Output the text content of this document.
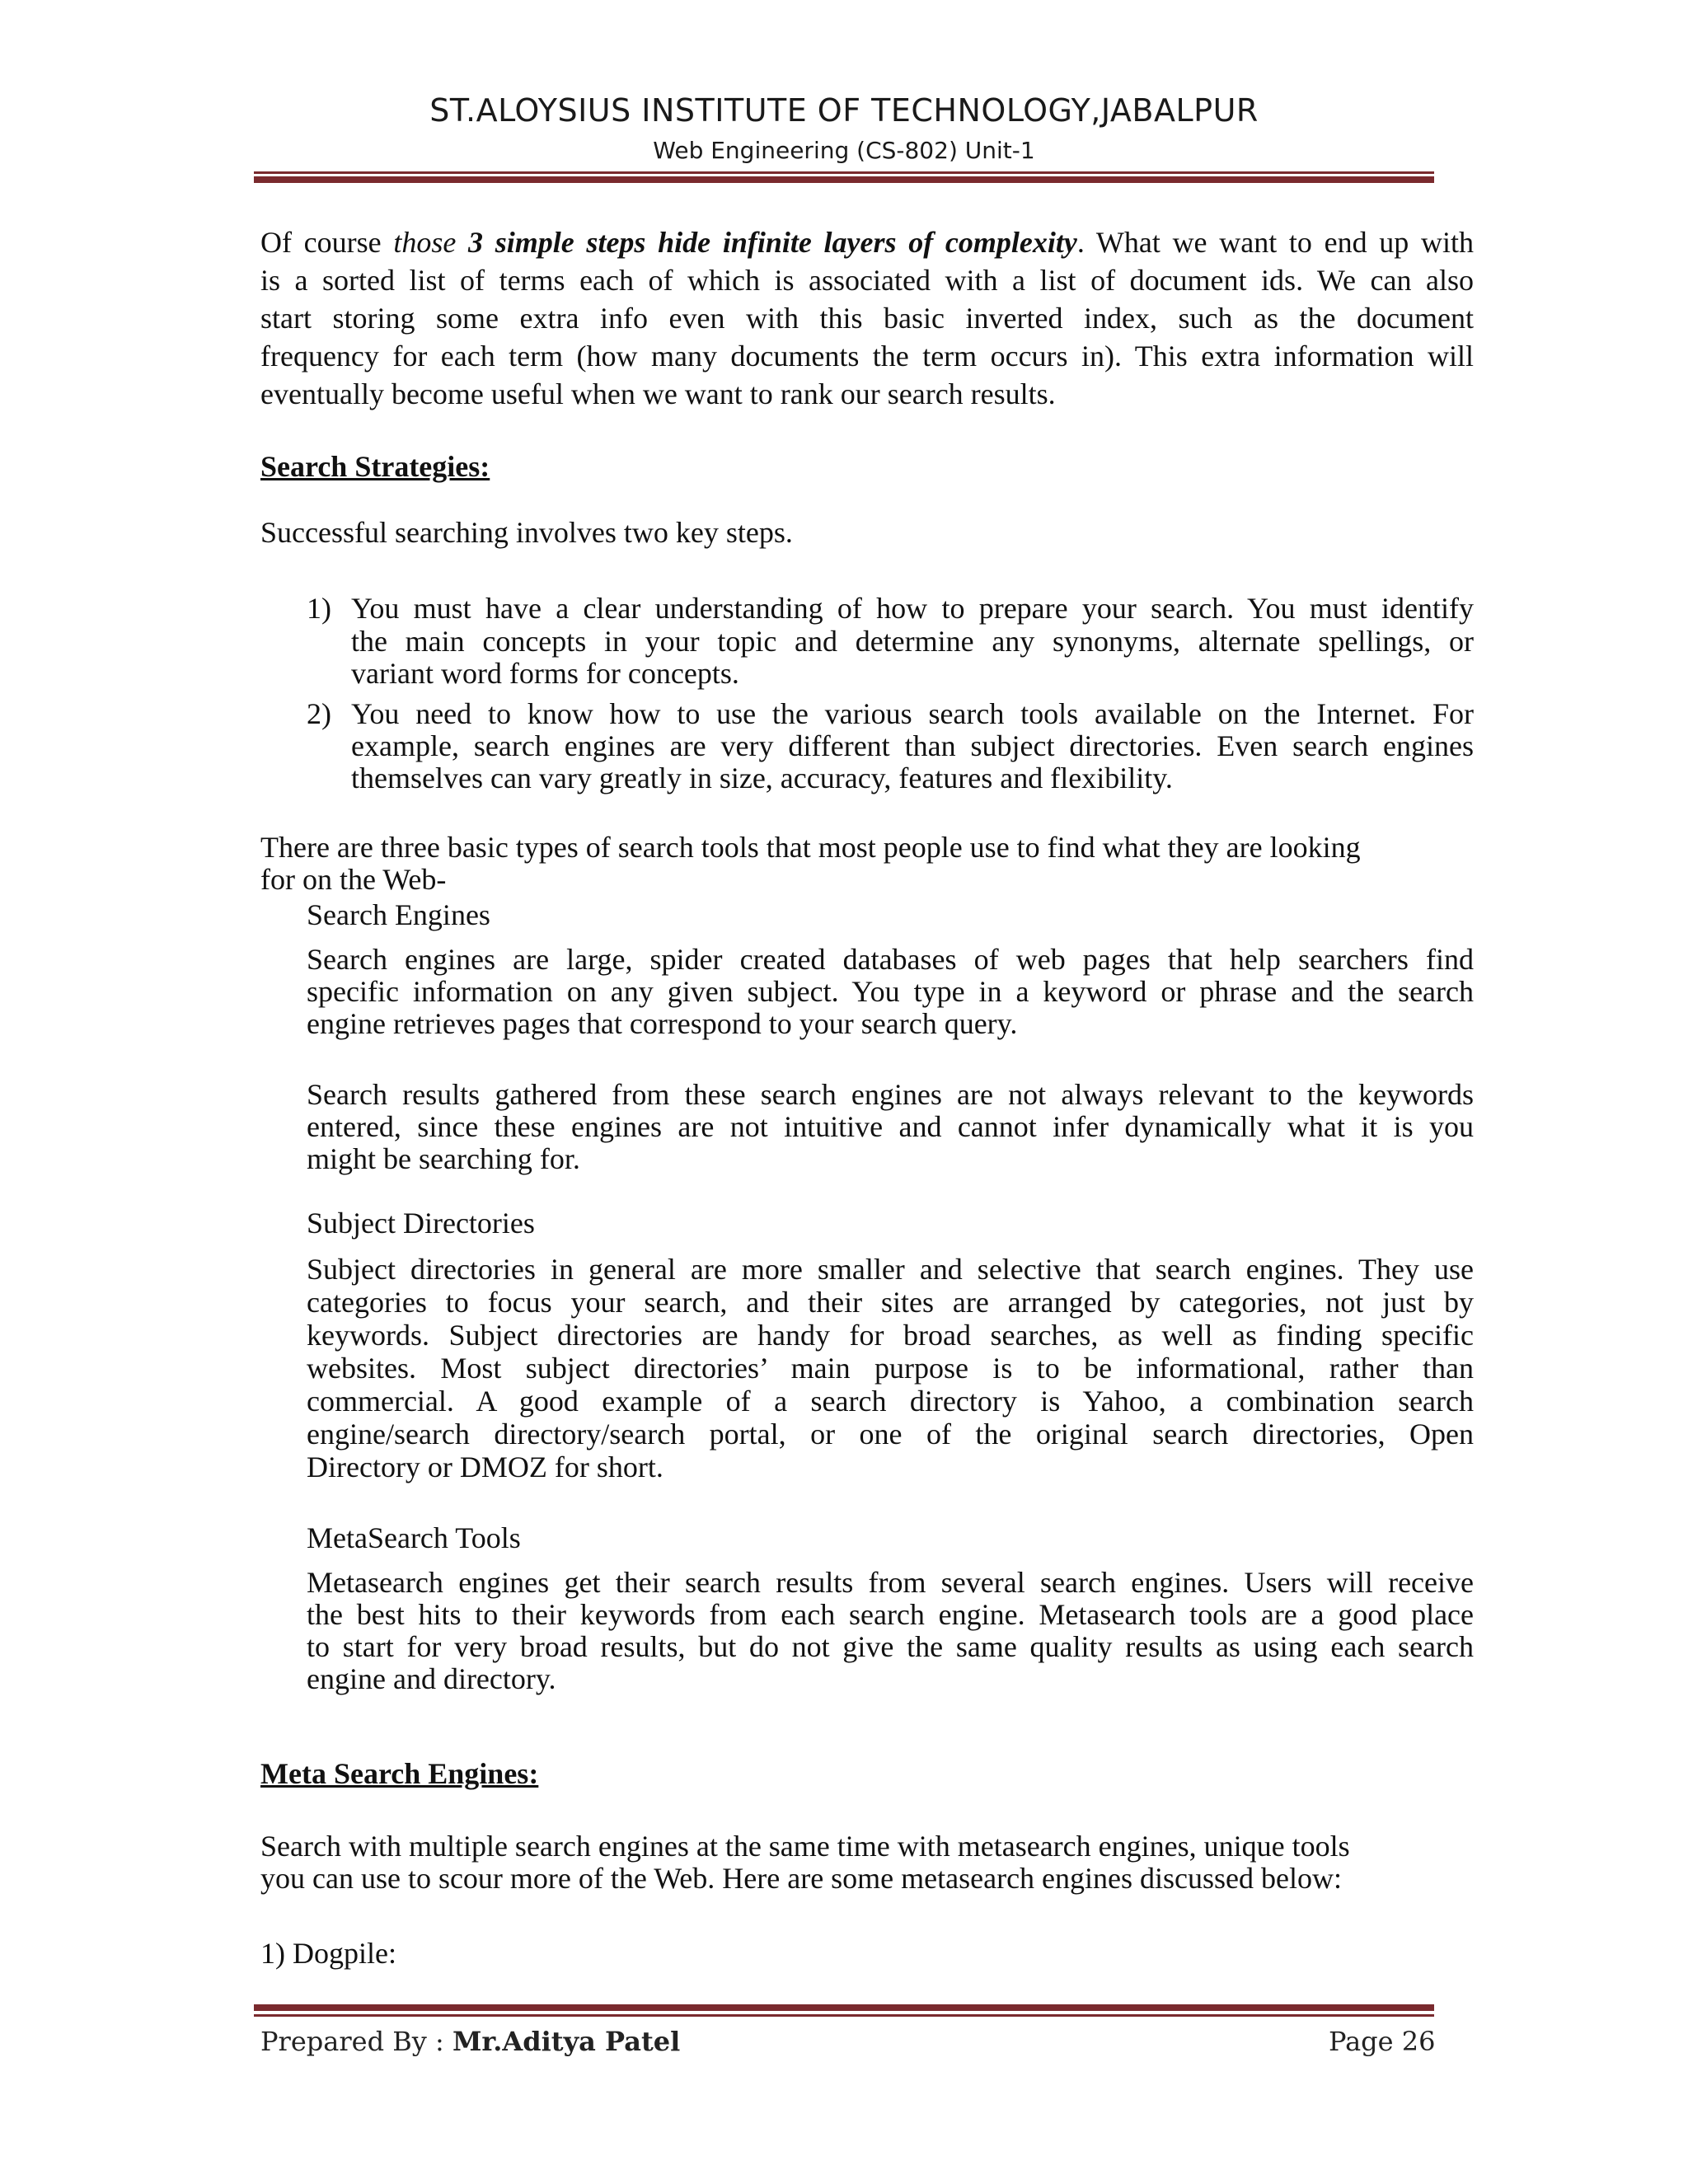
ST.ALOYSIUS INSTITUTE OF TECHNOLOGY,JABALPUR
Web Engineering (CS-802) Unit-1
Of course those 3 simple steps hide infinite layers of complexity. What we want to end up with
is a sorted list of terms each of which is associated with a list of document ids. We can also
start storing some extra info even with this basic inverted index, such as the document
frequency for each term (how many documents the term occurs in). This extra information will
eventually become useful when we want to rank our search results.
Search Strategies:
Successful searching involves two key steps.
1) You must have a clear understanding of how to prepare your search. You must identify
the main concepts in your topic and determine any synonyms, alternate spellings, or
variant word forms for concepts.
2) You need to know how to use the various search tools available on the Internet. For
example, search engines are very different than subject directories. Even search engines
themselves can vary greatly in size, accuracy, features and flexibility.
There are three basic types of search tools that most people use to find what they are looking
for on the Web-
Search Engines
Search engines are large, spider created databases of web pages that help searchers find
specific information on any given subject. You type in a keyword or phrase and the search
engine retrieves pages that correspond to your search query.
Search results gathered from these search engines are not always relevant to the keywords
entered, since these engines are not intuitive and cannot infer dynamically what it is you
might be searching for.
Subject Directories
Subject directories in general are more smaller and selective that search engines. They use
categories to focus your search, and their sites are arranged by categories, not just by
keywords. Subject directories are handy for broad searches, as well as finding specific
websites. Most subject directories’ main purpose is to be informational, rather than
commercial. A good example of a search directory is Yahoo, a combination search
engine/search directory/search portal, or one of the original search directories, Open
Directory or DMOZ for short.
MetaSearch Tools
Metasearch engines get their search results from several search engines. Users will receive
the best hits to their keywords from each search engine. Metasearch tools are a good place
to start for very broad results, but do not give the same quality results as using each search
engine and directory.
Meta Search Engines:
Search with multiple search engines at the same time with metasearch engines, unique tools
you can use to scour more of the Web. Here are some metasearch engines discussed below:
1) Dogpile:
Prepared By : Mr.Aditya Patel	Page 26
